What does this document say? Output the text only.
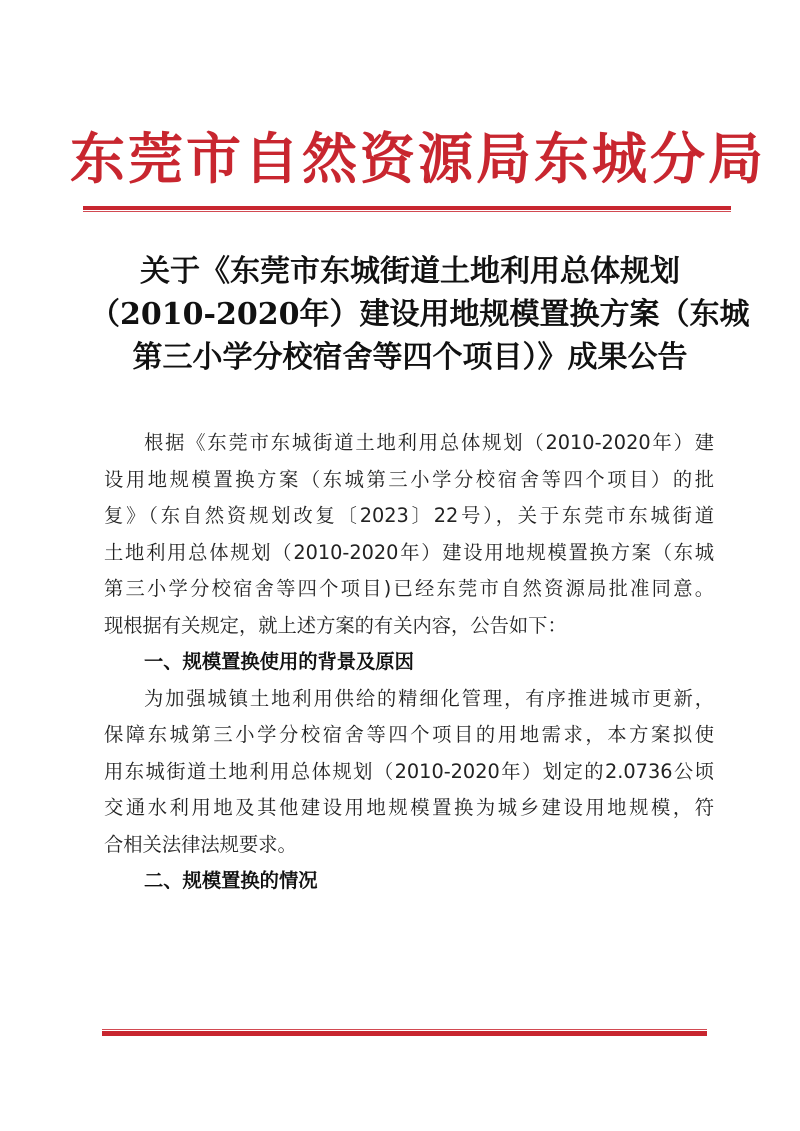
东莞市自然资源局东城分局
关于《东莞市东城街道土地利用总体规划
（2010-2020年）建设用地规模置换方案（东城
第三小学分校宿舍等四个项目）》成果公告
根据《东莞市东城街道土地利用总体规划（2010-2020年）建
设用地规模置换方案（东城第三小学分校宿舍等四个项目）的批
复》（东自然资规划改复〔2023〕22号），关于东莞市东城街道
土地利用总体规划（2010-2020年）建设用地规模置换方案（东城
第三小学分校宿舍等四个项目)已经东莞市自然资源局批准同意。
现根据有关规定，就上述方案的有关内容，公告如下：
一、规模置换使用的背景及原因
为加强城镇土地利用供给的精细化管理，有序推进城市更新，
保障东城第三小学分校宿舍等四个项目的用地需求，本方案拟使
用东城街道土地利用总体规划（2010-2020年）划定的2.0736公顷
交通水利用地及其他建设用地规模置换为城乡建设用地规模，符
合相关法律法规要求。
二、规模置换的情况
